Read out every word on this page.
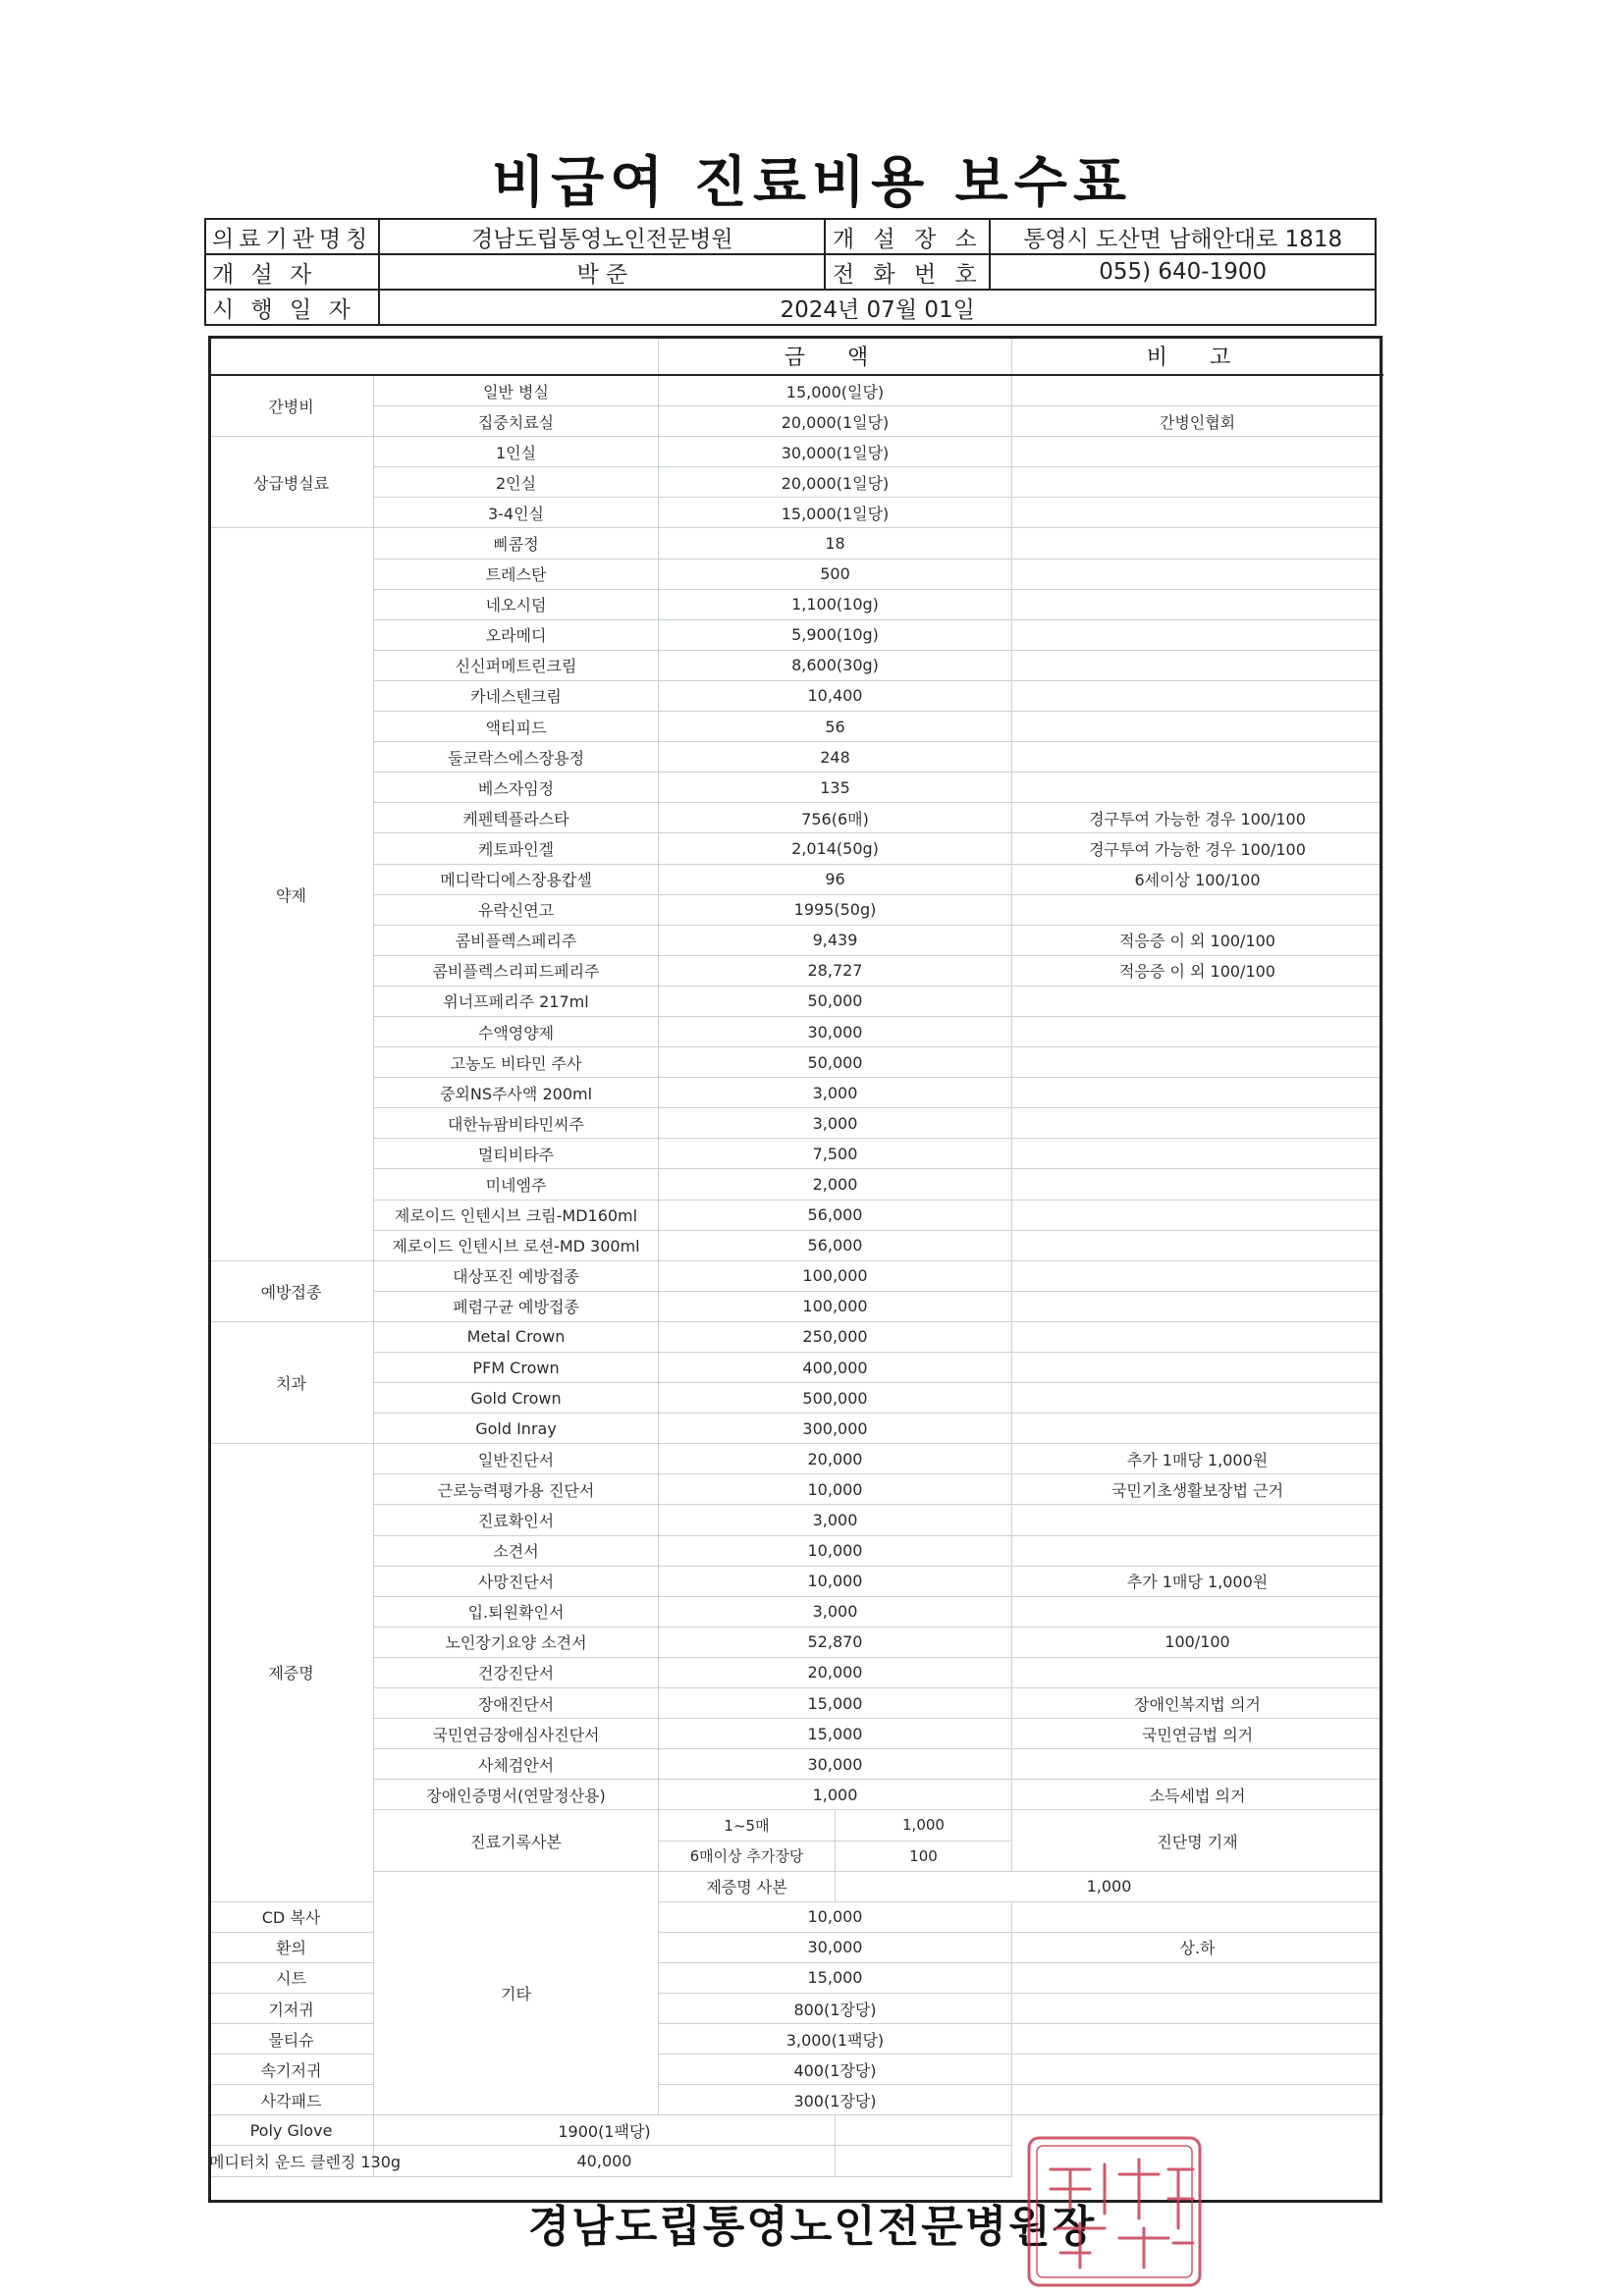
비급여 진료비용 보수표
의료기관명칭	경남도립통영노인전문병원	개 설 장 소	통영시 도산면 남해안대로 1818
개 설 자	박 준	전 화 번 호	055) 640-1900
시 행 일 자	2024년 07월 01일		
		금 액		비 고	
간병비	일반 병실	15,000(일당)			
	집중치료실	20,000(1일당)		간병인협회	
상급병실료	1인실	30,000(1일당)			
	2인실	20,000(1일당)			
	3-4인실	15,000(1일당)			
약제	삐콤정	18			
	트레스탄	500			
	네오시덤	1,100(10g)			
	오라메디	5,900(10g)			
	신신퍼메트린크림	8,600(30g)			
	카네스텐크림	10,400			
	액티피드	56			
	둘코락스에스장용정	248			
	베스자임정	135			
	케펜텍플라스타	756(6매)		경구투여 가능한 경우 100/100	
	케토파인겔	2,014(50g)		경구투여 가능한 경우 100/100	
	메디락디에스장용캅셀	96		6세이상 100/100	
	유락신연고	1995(50g)			
	콤비플렉스페리주	9,439		적응증 이 외 100/100	
	콤비플렉스리피드페리주	28,727		적응증 이 외 100/100	
	위너프페리주 217ml	50,000			
	수액영양제	30,000			
	고농도 비타민 주사	50,000			
	중외NS주사액 200ml	3,000			
	대한뉴팜비타민씨주	3,000			
	멀티비타주	7,500			
	미네엠주	2,000			
	제로이드 인텐시브 크림-MD160ml	56,000			
	제로이드 인텐시브 로션-MD 300ml	56,000			
예방접종	대상포진 예방접종	100,000			
	폐렴구균 예방접종	100,000			
치과	Metal Crown	250,000			
	PFM Crown	400,000			
	Gold Crown	500,000			
	Gold Inray	300,000			
제증명	일반진단서	20,000		추가 1매당 1,000원	
	근로능력평가용 진단서	10,000		국민기초생활보장법 근거	
	진료확인서	3,000			
	소견서	10,000			
	사망진단서	10,000		추가 1매당 1,000원	
	입.퇴원확인서	3,000			
	노인장기요양 소견서	52,870		100/100	
	건강진단서	20,000			
	장애진단서	15,000		장애인복지법 의거	
	국민연금장애심사진단서	15,000		국민연금법 의거	
	사체검안서	30,000			
	장애인증명서(연말정산용)	1,000		소득세법 의거	
	진료기록사본	1~5매	1,000	진단명 기재	
		6매이상 추가장당	100		
	기타	제증명 사본	1,000		
CD 복사		10,000			
환의		30,000		상.하	
시트		15,000			
기저귀		800(1장당)			
물티슈		3,000(1팩당)			
속기저귀		400(1장당)			
사각패드		300(1장당)			
Poly Glove	1900(1팩당)				
메디터치 운드 클렌징 130g	40,000				
경남도립통영노인전문병원장
